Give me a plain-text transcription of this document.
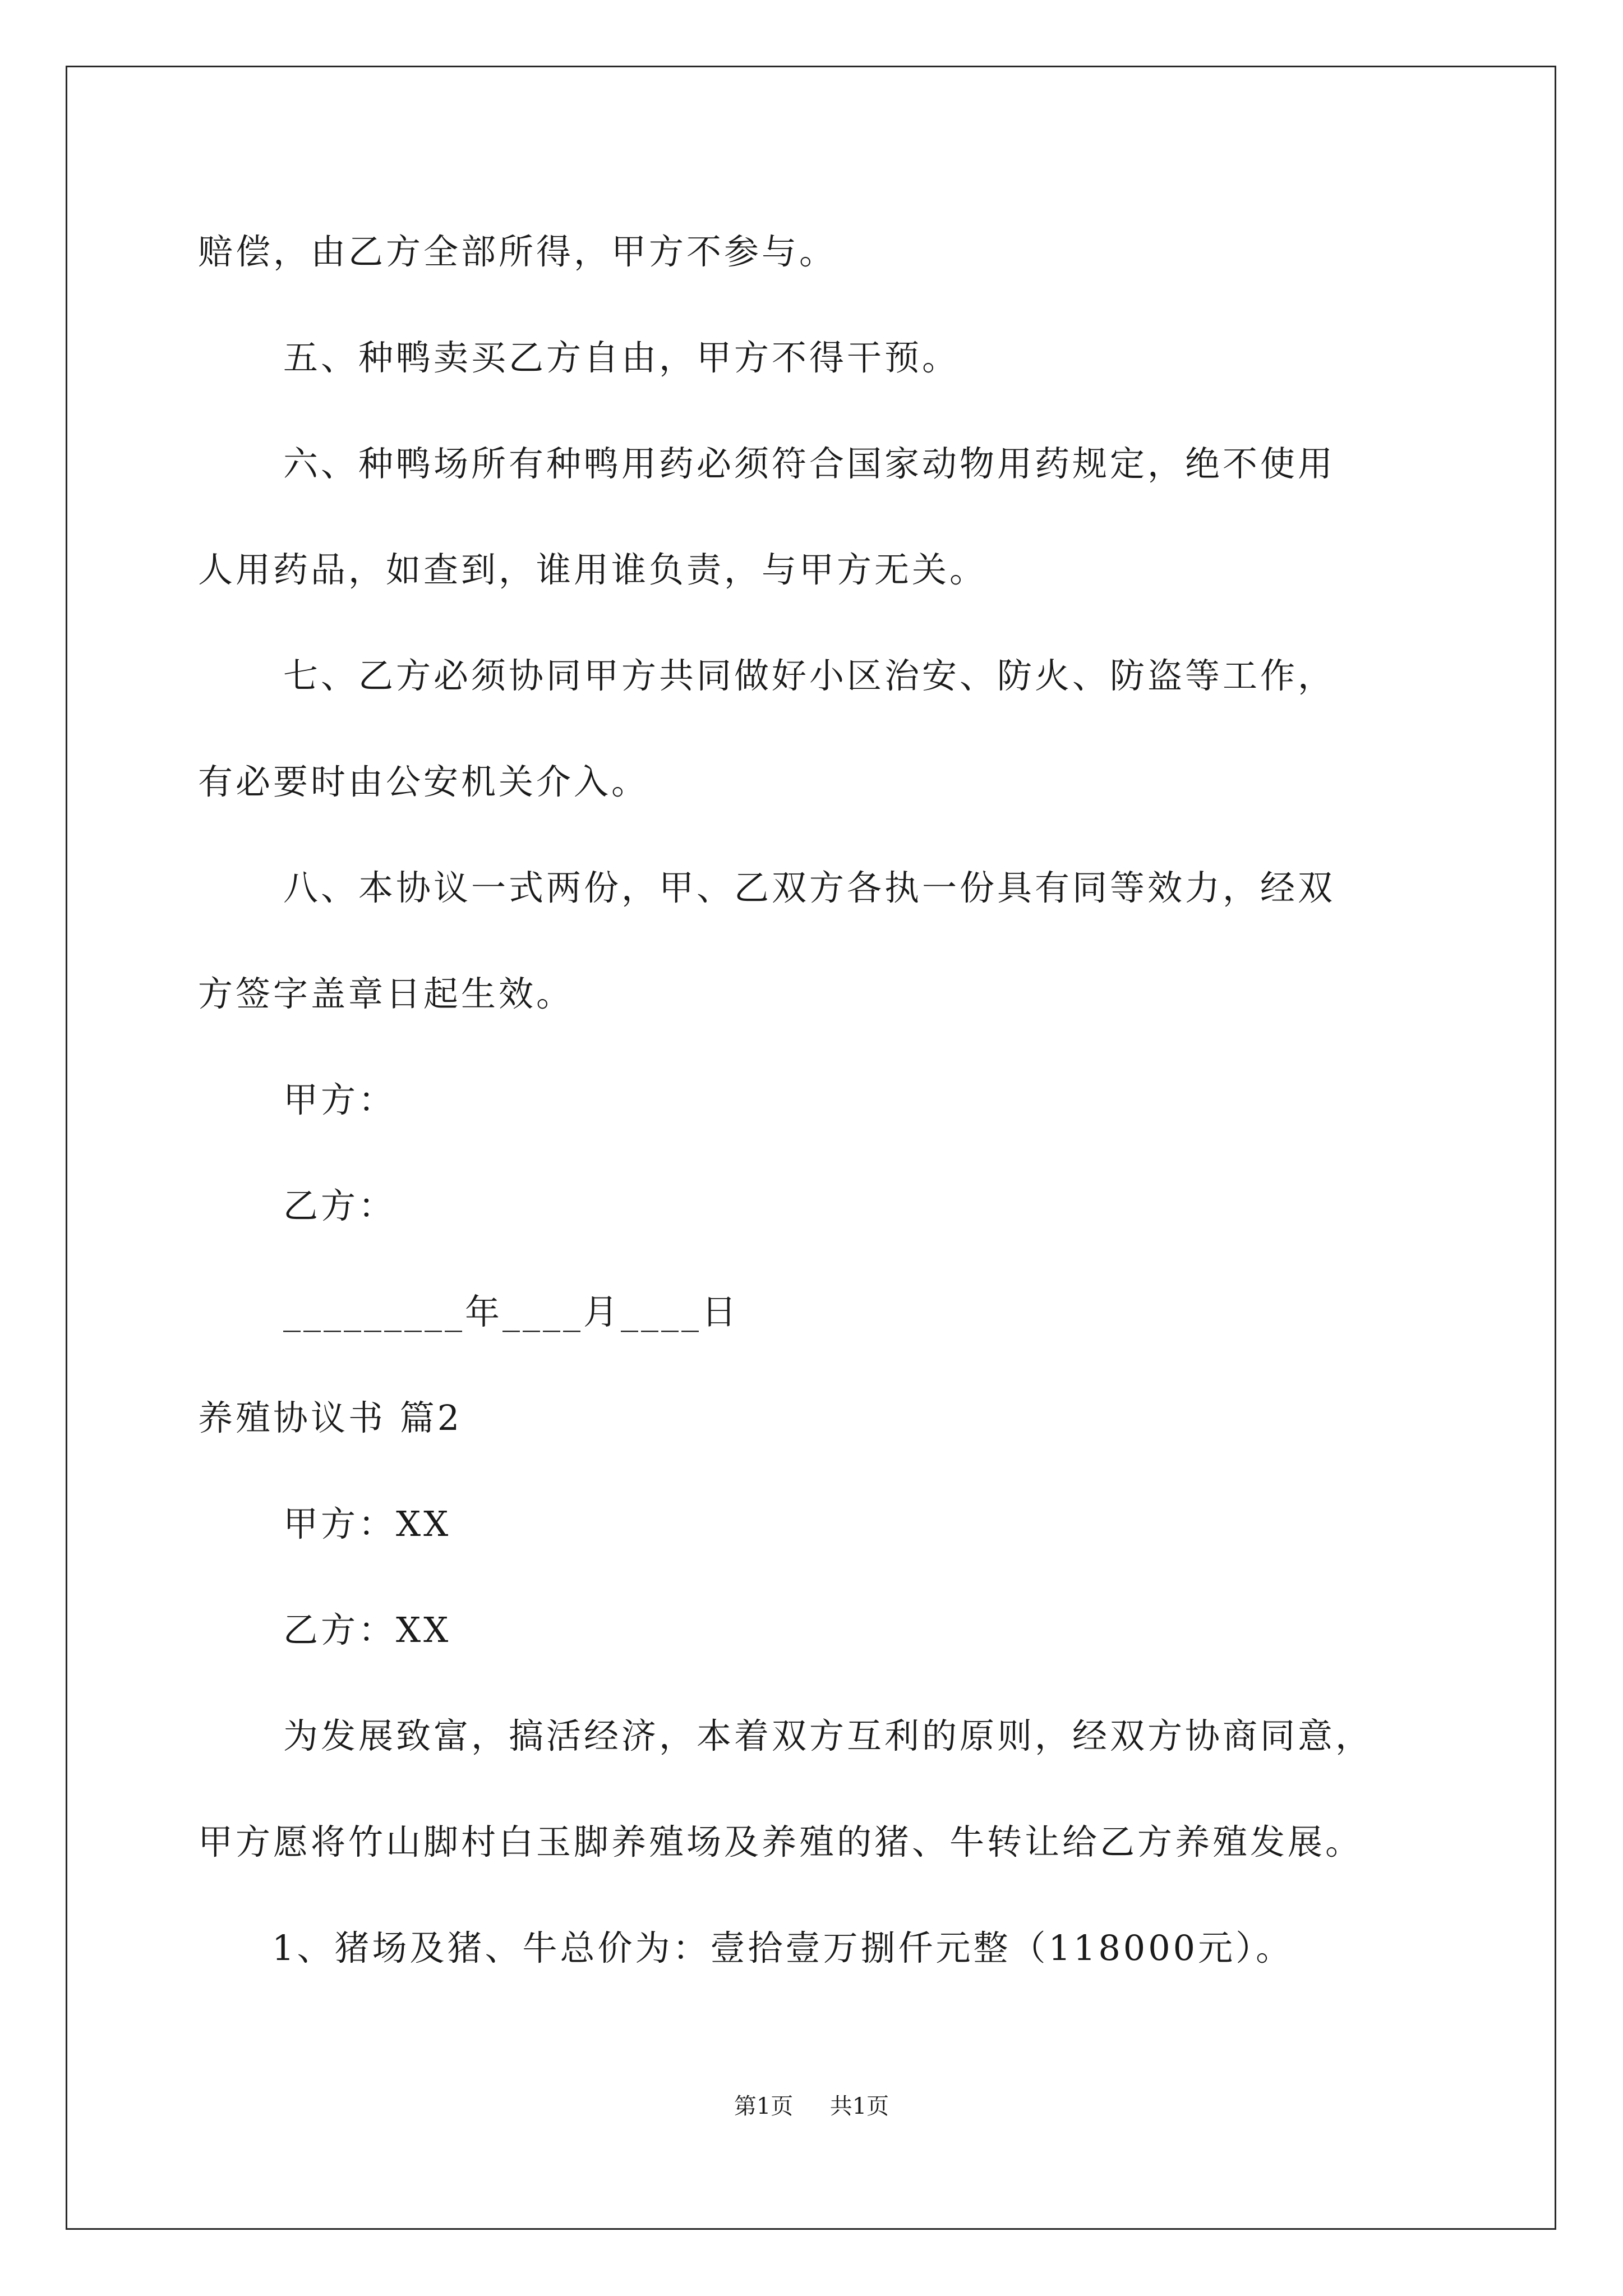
赔偿，由乙方全部所得，甲方不参与。
五、种鸭卖买乙方自由，甲方不得干预。
六、种鸭场所有种鸭用药必须符合国家动物用药规定，绝不使用
人用药品，如查到，谁用谁负责，与甲方无关。
七、乙方必须协同甲方共同做好小区治安、防火、防盗等工作，
有必要时由公安机关介入。
八、本协议一式两份，甲、乙双方各执一份具有同等效力，经双
方签字盖章日起生效。
甲方：
乙方：
_________年____月____日
养殖协议书 篇2
甲方：XX
乙方：XX
为发展致富，搞活经济，本着双方互利的原则，经双方协商同意，
甲方愿将竹山脚村白玉脚养殖场及养殖的猪、牛转让给乙方养殖发展。
1、猪场及猪、牛总价为：壹拾壹万捌仟元整（118000元）。
第1页 共1页
